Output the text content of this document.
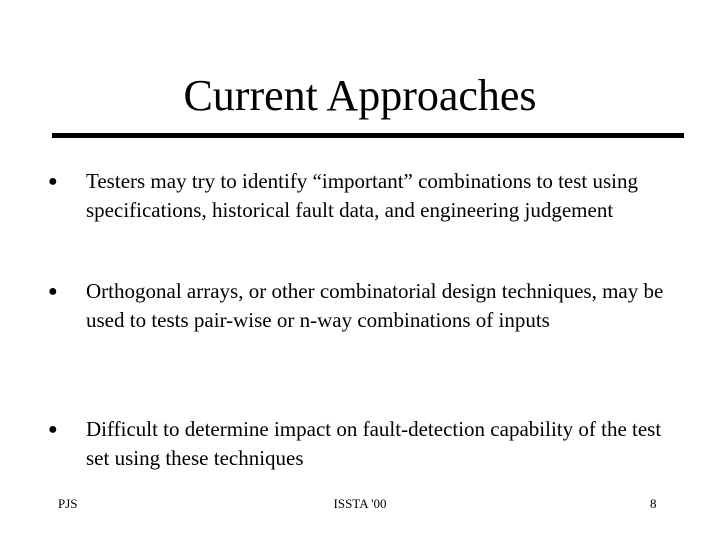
Current Approaches
● Testers may try to identify “important” combinations to test using specifications, historical fault data, and engineering judgement
● Orthogonal arrays, or other combinatorial design techniques, may be used to tests pair-wise or n-way combinations of inputs
● Difficult to determine impact on fault-detection capability of the test set using these techniques
PJS	ISSTA '00	8
